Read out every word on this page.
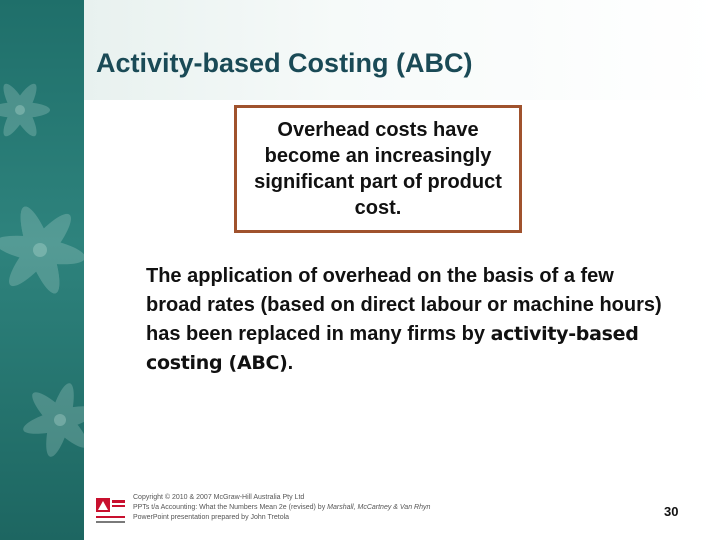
Activity-based Costing (ABC)
Overhead costs have become an increasingly significant part of product cost.
The application of overhead on the basis of a few broad rates (based on direct labour or machine hours) has been replaced in many firms by activity-based costing (ABC).
Copyright © 2010 & 2007 McGraw-Hill Australia Pty Ltd
PPTs t/a Accounting: What the Numbers Mean 2e (revised) by Marshall, McCartney & Van Rhyn
PowerPoint presentation prepared by John Tretola	30
